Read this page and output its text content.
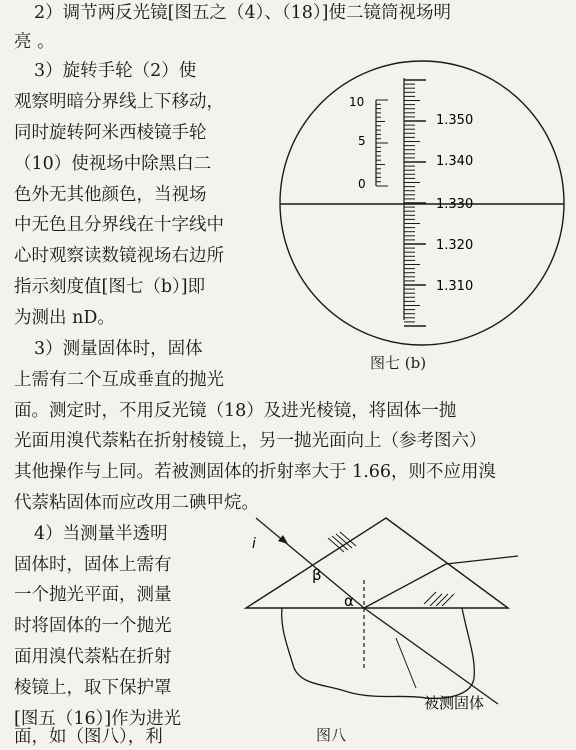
2）调节两反光镜[图五之（4）、（18）]使二镜筒视场明
亮 。
3）旋转手轮（2）使
观察明暗分界线上下移动，
同时旋转阿米西棱镜手轮
（10）使视场中除黑白二
色外无其他颜色，当视场
中无色且分界线在十字线中
心时观察读数镜视场右边所
指示刻度值[图七（b）]即
为测出 nD。
3）测量固体时，固体
上需有二个互成垂直的抛光
面。测定时，不用反光镜（18）及进光棱镜，将固体一抛
光面用溴代萘粘在折射棱镜上，另一抛光面向上（参考图六）
其他操作与上同。若被测固体的折射率大于 1.66，则不应用溴
代萘粘固体而应改用二碘甲烷。
4）当测量半透明
固体时，固体上需有
一个抛光平面，测量
时将固体的一个抛光
面用溴代萘粘在折射
棱镜上，取下保护罩
[图五（16）]作为进光
面，如（图八），利
10
5
0
1.350
1.340
1.330
1.320
1.310
图七 (b)
i
β
α
被测固体
图八
